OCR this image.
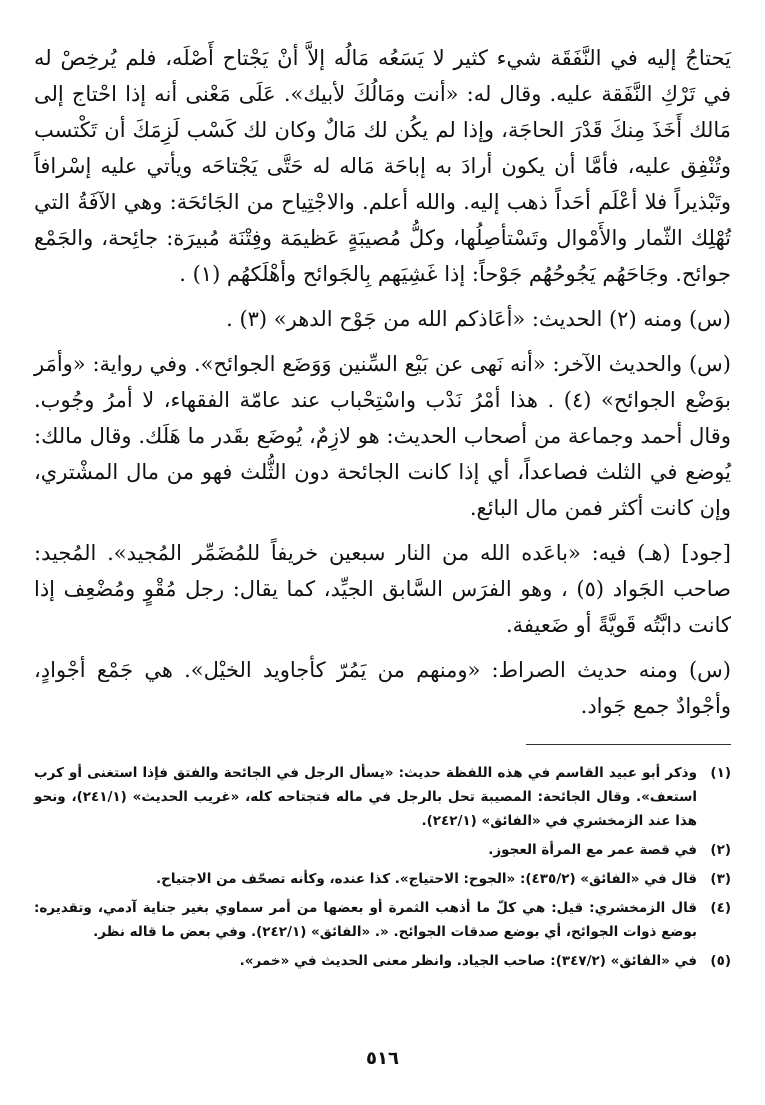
يَحتاجُ إليه في النَّفَقَة شيء كثير لا يَسَعُه مَالُه إلاَّ أنْ يَجْتاح أَصْلَه، فلم يُرخِصْ له في تَرْكِ النَّفَقة عليه. وقال له: «أنت ومَالُكَ لأبيك». عَلَى مَعْنى أنه إذا احْتاج إلى مَالك أَخَذَ مِنكَ قَدْرَ الحاجَة، وإذا لم يكُن لك مَالٌ وكان لك كَسْب لَزِمَكَ أن تَكْتسب وتُنْفِق عليه، فأمَّا أن يكون أرادَ به إباحَة مَاله له حَتَّى يَجْتاحَه ويأتي عليه إسْرافاً وتَبْذيراً فلا أعْلَم أحَداً ذهب إليه. والله أعلم. والاجْتِياح من الجَائحَة: وهي الآفَةُ التي تُهْلِك الثّمار والأَمْوال وتَسْتأصِلُها، وكلُّ مُصيبَةٍ عَظيمَة وفِتْنَة مُبيرَة: جائِحة، والجَمْع جوائح. وجَاحَهُم يَجُوحُهُم جَوْحاً: إذا غَشِيَهم بِالجَوائح وأهْلَكهُم (١) .

(س) ومنه (٢) الحديث: «أعَاذكم الله من جَوْح الدهر» (٣) .

(س) والحديث الآخر: «أنه نَهى عن بَيْع السِّنين وَوَضَع الجوائح». وفي رواية: «وأمَر بوَضْع الجوائح» (٤) . هذا أمْرُ نَدْب واسْتِحْباب عند عامّة الفقهاء، لا أمرُ وجُوب. وقال أحمد وجماعة من أصحاب الحديث: هو لازِمٌ، يُوضَع بقَدر ما هَلَك. وقال مالك: يُوضع في الثلث فصاعداً، أي إذا كانت الجائحة دون الثُّلث فهو من مال المشْتري، وإن كانت أكثر فمن مال البائع.

[جود] (هـ) فيه: «باعَده الله من النار سبعين خريفاً للمُضَمِّر المُجيد». المُجيد: صاحب الجَواد (٥) ، وهو الفرَس السَّابق الجيِّد، كما يقال: رجل مُقْوٍ ومُضْعِف إذا كانت دابَّتُه قَويَّةً أو ضَعيفة.

(س) ومنه حديث الصراط: «ومنهم من يَمُرّ كأجاويد الخيْل». هي جَمْع أجْوادٍ، وأجْوادٌ جمع جَواد.

(١)
وذكر أبو عبيد القاسم في هذه اللفظة حديث: «يسأل الرجل في الجائحة والفتق فإذا استغنى أو كرب استعف». وقال الجائحة: المصيبة تحل بالرجل في ماله فتجتاحه كله، «غريب الحديث» (٢٤١/١)، ونحو هذا عند الزمخشري في «الفائق» (٢٤٢/١).
(٢)
في قصة عمر مع المرأة العجوز.
(٣)
قال في «الفائق» (٤٣٥/٢): «الجوح: الاحتياج». كذا عنده، وكأنه تصحّف من الاجتياح.
(٤)
قال الزمخشري: قيل: هي كلّ ما أذهب الثمرة أو بعضها من أمر سماوي بغير جناية آدمي، وتقديره: بوضع ذوات الجوائح، أي بوضع صدقات الجوائح. «. «الفائق» (٢٤٢/١). وفي بعض ما قاله نظر.
(٥)
في «الفائق» (٣٤٧/٢): صاحب الجياد. وانظر معنى الحديث في «خمر».
٥١٦
